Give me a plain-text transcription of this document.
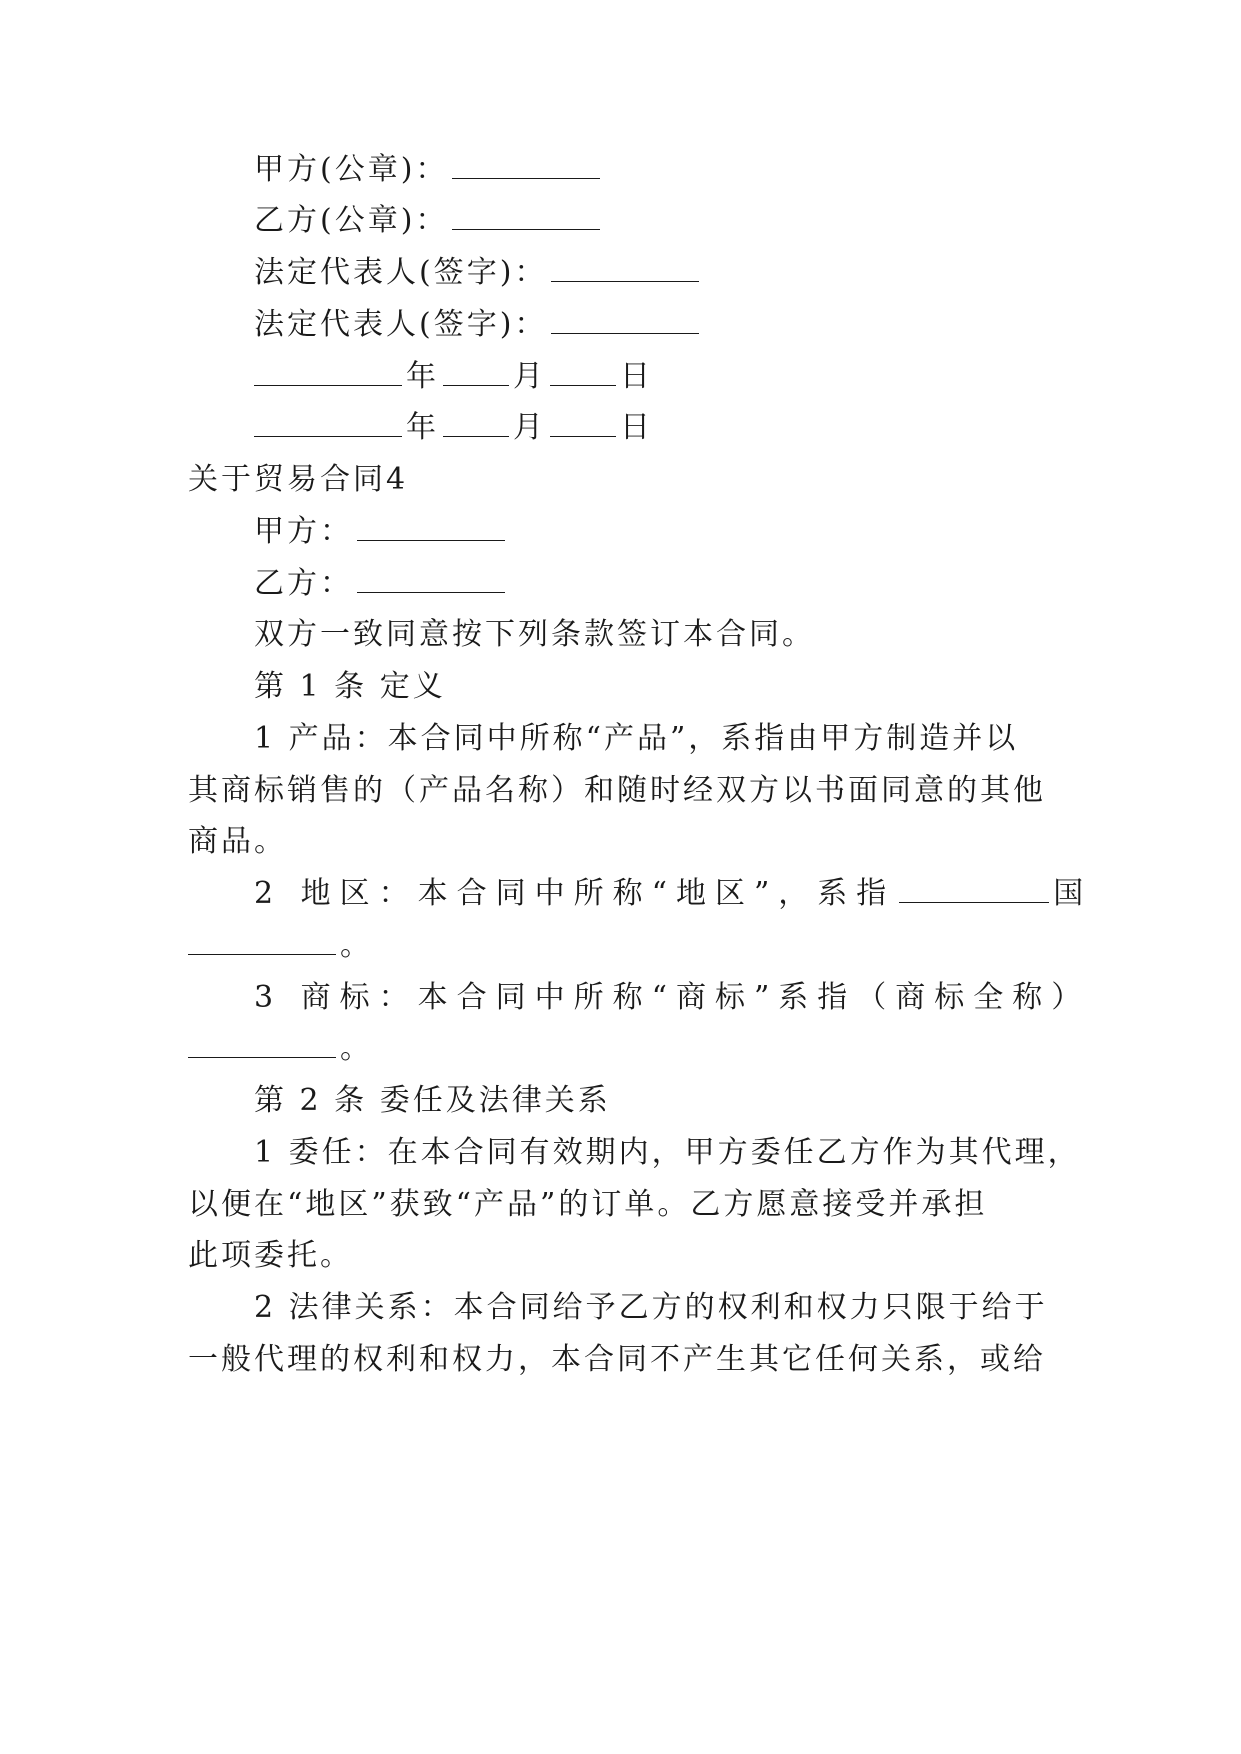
甲方(公章)：
乙方(公章)：
法定代表人(签字)：
法定代表人(签字)：
年 月 日
年 月 日
关于贸易合同4
甲方：
乙方：
双方一致同意按下列条款签订本合同。
第 1 条 定义
1 产品：本合同中所称“产品”，系指由甲方制造并以
其商标销售的（产品名称）和随时经双方以书面同意的其他
商品。
2 地区：本合同中所称“地区”，系指	国
。
3 商标：本合同中所称“商标”系指（商标全称）
。
第 2 条 委任及法律关系
1 委任：在本合同有效期内，甲方委任乙方作为其代理，
以便在“地区”获致“产品”的订单。乙方愿意接受并承担
此项委托。
2 法律关系：本合同给予乙方的权利和权力只限于给于
一般代理的权利和权力，本合同不产生其它任何关系，或给
